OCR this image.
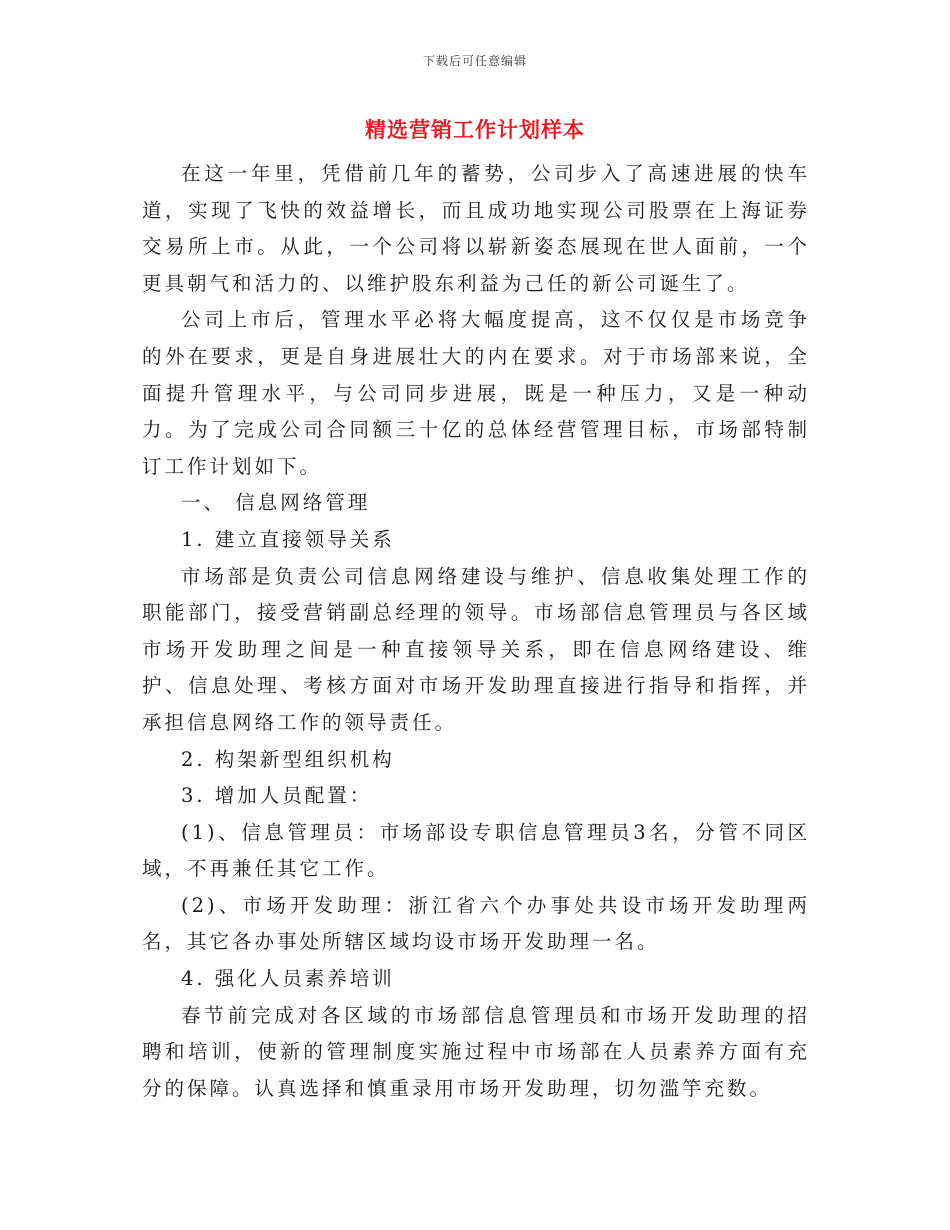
下载后可任意编辑
精选营销工作计划样本

在这一年里，凭借前几年的蓄势，公司步入了高速进展的快车道，实现了飞快的效益增长，而且成功地实现公司股票在上海证券交易所上市。从此，一个公司将以崭新姿态展现在世人面前，一个更具朝气和活力的、以维护股东利益为己任的新公司诞生了。

公司上市后，管理水平必将大幅度提高，这不仅仅是市场竞争的外在要求，更是自身进展壮大的内在要求。对于市场部来说，全面提升管理水平，与公司同步进展，既是一种压力，又是一种动力。为了完成公司合同额三十亿的总体经营管理目标，市场部特制订工作计划如下。

一、 信息网络管理

1. 建立直接领导关系

市场部是负责公司信息网络建设与维护、信息收集处理工作的职能部门，接受营销副总经理的领导。市场部信息管理员与各区域市场开发助理之间是一种直接领导关系，即在信息网络建设、维护、信息处理、考核方面对市场开发助理直接进行指导和指挥，并承担信息网络工作的领导责任。

2. 构架新型组织机构

3. 增加人员配置：

(1)、信息管理员：市场部设专职信息管理员3名，分管不同区域，不再兼任其它工作。

(2)、市场开发助理：浙江省六个办事处共设市场开发助理两名，其它各办事处所辖区域均设市场开发助理一名。

4. 强化人员素养培训

春节前完成对各区域的市场部信息管理员和市场开发助理的招聘和培训，使新的管理制度实施过程中市场部在人员素养方面有充分的保障。认真选择和慎重录用市场开发助理，切勿滥竽充数。
